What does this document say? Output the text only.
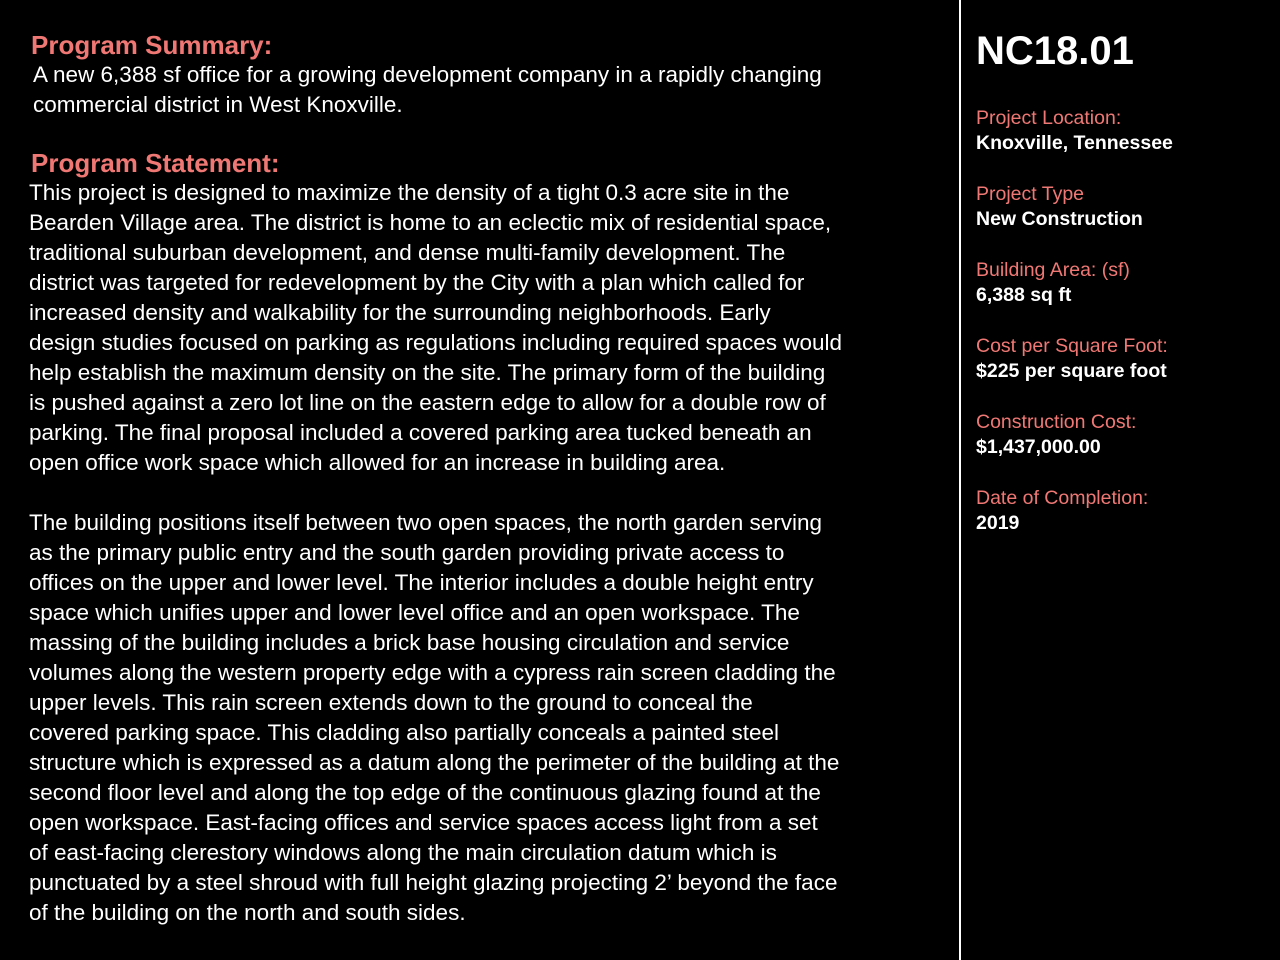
Program Summary:

A new 6,388 sf office for a growing development company in a rapidly changing
commercial district in West Knoxville.

Program Statement:

This project is designed to maximize the density of a tight 0.3 acre site in the
Bearden Village area. The district is home to an eclectic mix of residential space,
traditional suburban development, and dense multi-family development. The
district was targeted for redevelopment by the City with a plan which called for
increased density and walkability for the surrounding neighborhoods. Early
design studies focused on parking as regulations including required spaces would
help establish the maximum density on the site. The primary form of the building
is pushed against a zero lot line on the eastern edge to allow for a double row of
parking. The final proposal included a covered parking area tucked beneath an
open office work space which allowed for an increase in building area.

The building positions itself between two open spaces, the north garden serving
as the primary public entry and the south garden providing private access to
offices on the upper and lower level. The interior includes a double height entry
space which unifies upper and lower level office and an open workspace. The
massing of the building includes a brick base housing circulation and service
volumes along the western property edge with a cypress rain screen cladding the
upper levels. This rain screen extends down to the ground to conceal the
covered parking space. This cladding also partially conceals a painted steel
structure which is expressed as a datum along the perimeter of the building at the
second floor level and along the top edge of the continuous glazing found at the
open workspace. East-facing offices and service spaces access light from a set
of east-facing clerestory windows along the main circulation datum which is
punctuated by a steel shroud with full height glazing projecting 2’ beyond the face
of the building on the north and south sides.

NC18.01
Project Location:
Knoxville, Tennessee
Project Type
New Construction
Building Area: (sf)
6,388 sq ft
Cost per Square Foot:
$225 per square foot
Construction Cost:
$1,437,000.00
Date of Completion:
2019
